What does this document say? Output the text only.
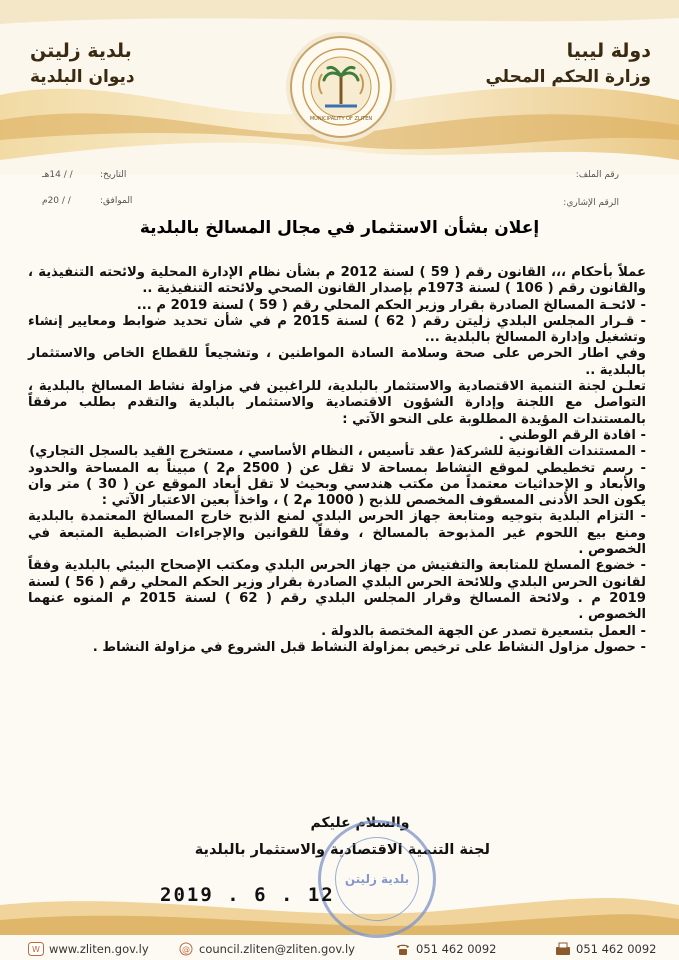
دولة ليبيا
وزارة الحكم المحلي
بلدية زليتن
ديوان البلدية
MUNICIPALITY OF ZLITEN
رقم الملف:
الرقم الإشاري:
التاريخ:
/ / 14هـ
الموافق:
/ / 20م
إعلان بشأن الاستثمار في مجال المسالخ بالبلدية

عملاً بأحكام ،،، القانون رقم ( 59 ) لسنة 2012 م بشأن نظام الإدارة المحلية ولائحته التنفيذية ، والقانون رقم ( 106 ) لسنة 1973م بإصدار القانون الصحي ولائحته التنفيذية ..

- لائحـة المسالخ الصادرة بقرار وزير الحكم المحلي رقم ( 59 ) لسنة 2019 م ...

- قـرار المجلس البلدي زليتن رقم ( 62 ) لسنة 2015 م في شأن تحديد ضوابط ومعايير إنشاء وتشغيل وإدارة المسالخ بالبلدية ...

وفي اطار الحرص على صحة وسلامة السادة المواطنين ، وتشجيعاً للقطاع الخاص والاستثمار بالبلدية ..

تعلـن لجنة التنمية الاقتصادية والاستثمار بالبلدية، للراغبين في مزاولة نشاط المسالخ بالبلدية ، التواصل مع اللجنة وإدارة الشؤون الاقتصادية والاستثمار بالبلدية والتقدم بطلب مرفقاً بالمستندات المؤيدة المطلوبة على النحو الآتي :

- افادة الرقم الوطني .

- المستندات القانونية للشركة( عقد تأسيس ، النظام الأساسي ، مستخرج القيد بالسجل التجاري)

- رسم تخطيطي لموقع النشاط بمساحة لا تقل عن ( 2500 م2 ) مبيناً به المساحة والحدود والأبعاد و الإحداثيات معتمداً من مكتب هندسي وبحيث لا تقل أبعاد الموقع عن ( 30 ) متر وان يكون الحد الأدنى المسقوف المخصص للذبح ( 1000 م2 ) ، واخذاً بعين الاعتبار الآتي :

- التزام البلدية بتوجيه ومتابعة جهاز الحرس البلدي لمنع الذبح خارج المسالخ المعتمدة بالبلدية ومنع بيع اللحوم غير المذبوحة بالمسالخ ، وفقاً للقوانين والإجراءات الضبطية المتبعة في الخصوص .

- خضوع المسلخ للمتابعة والتفتيش من جهاز الحرس البلدي ومكتب الإصحاح البيئي بالبلدية وفقاً لقانون الحرس البلدي وللائحة الحرس البلدي الصادرة بقرار وزير الحكم المحلي رقم ( 56 ) لسنة 2019 م . ولائحة المسالخ وقرار المجلس البلدي رقم ( 62 ) لسنة 2015 م المنوه عنهما الخصوص .

- العمل بتسعيرة تصدر عن الجهة المختصة بالدولة .

- حصول مزاول النشاط على ترخيص بمزاولة النشاط قبل الشروع في مزاولة النشاط .

والسلام عليكم
لجنة التنمية الاقتصادية والاستثمار بالبلدية
بلدية زليتن
2019 . 6 . 12
W www.zliten.gov.ly	@ council.zliten@zliten.gov.ly	051 462 0092	051 462 0092
